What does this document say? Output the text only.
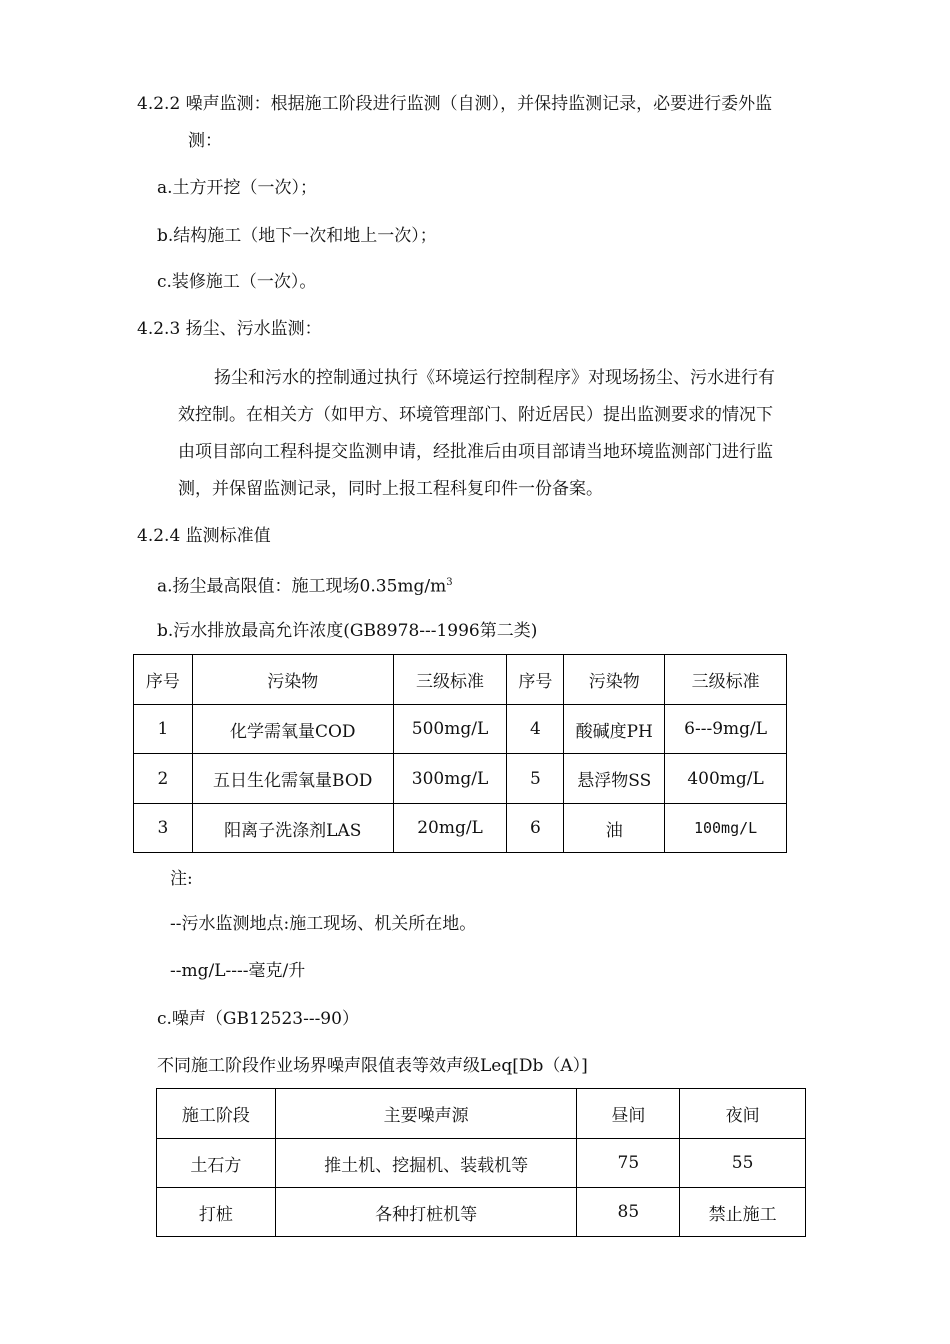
4.2.2 噪声监测：根据施工阶段进行监测（自测），并保持监测记录，必要进行委外监
测：
a.土方开挖（一次）；
b.结构施工（地下一次和地上一次）；
c.装修施工（一次）。
4.2.3 扬尘、污水监测：
扬尘和污水的控制通过执行《环境运行控制程序》对现场扬尘、污水进行有
效控制。在相关方（如甲方、环境管理部门、附近居民）提出监测要求的情况下
由项目部向工程科提交监测申请，经批准后由项目部请当地环境监测部门进行监
测，并保留监测记录，同时上报工程科复印件一份备案。
4.2.4 监测标准值
a.扬尘最高限值：施工现场$0.35mg/m^3$
b.污水排放最高允许浓度(GB8978---1996第二类)
序号	污染物	三级标准	序号	污染物	三级标准
1	化学需氧量COD	500mg/L	4	酸碱度PH	6---9mg/L
2	五日生化需氧量BOD	300mg/L	5	悬浮物SS	400mg/L
3	阳离子洗涤剂LAS	20mg/L	6	油	100mg/L
注:
--污水监测地点:施工现场、机关所在地。
--mg/L----毫克/升
c.噪声（GB12523---90）
不同施工阶段作业场界噪声限值表等效声级Leq[Db（A）]
施工阶段	主要噪声源	昼间	夜间
土石方	推土机、挖掘机、装载机等	75	55
打桩	各种打桩机等	85	禁止施工
